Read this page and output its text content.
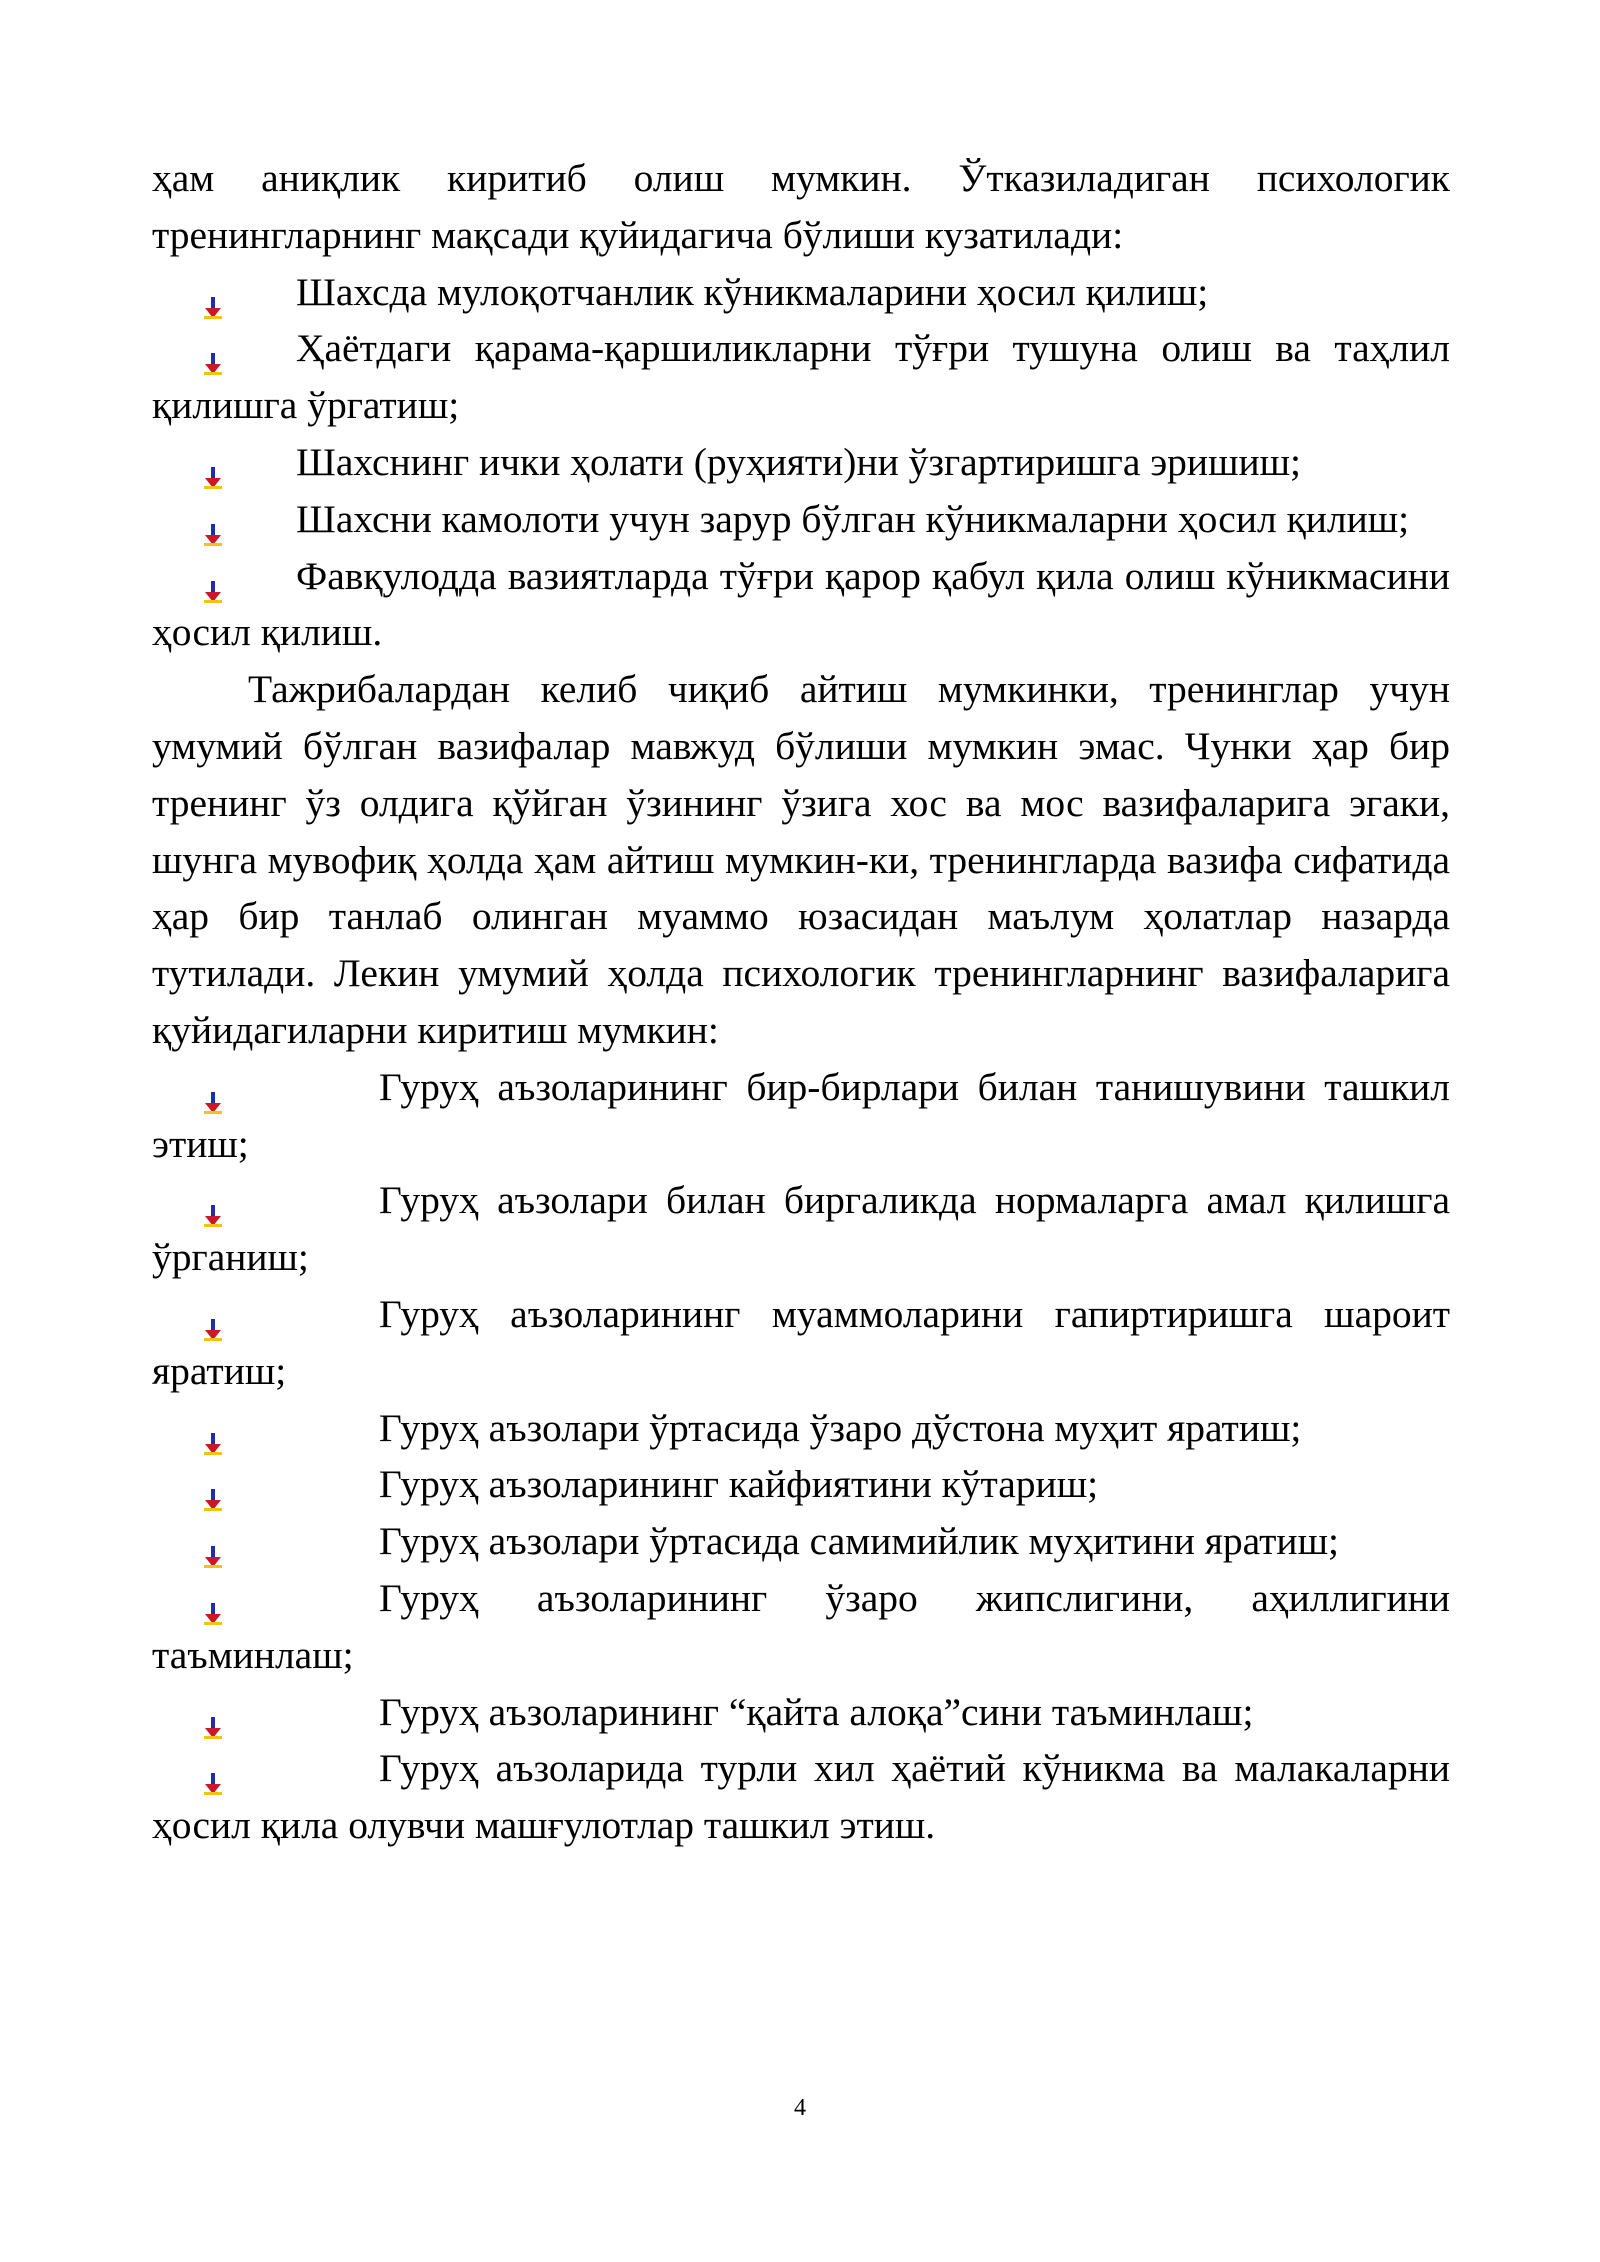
ҳам аниқлик киритиб олиш мумкин. Ўтказиладиган психологик тренингларнинг мақсади қуйидагича бўлиши кузатилади:

Шахсда мулоқотчанлик кўникмаларини ҳосил қилиш;

Ҳаётдаги қарама-қаршиликларни тўғри тушуна олиш ва таҳлил қилишга ўргатиш;

Шахснинг ички ҳолати (руҳияти)ни ўзгартиришга эришиш;

Шахсни камолоти учун зарур бўлган кўникмаларни ҳосил қилиш;

Фавқулодда вазиятларда тўғри қарор қабул қила олиш кўникмасини ҳосил қилиш.

Тажрибалардан келиб чиқиб айтиш мумкинки, тренинглар учун умумий бўлган вазифалар мавжуд бўлиши мумкин эмас. Чунки ҳар бир тренинг ўз олдига қўйган ўзининг ўзига хос ва мос вазифаларига эгаки, шунга мувофиқ ҳолда ҳам айтиш мумкин-ки, тренингларда вазифа сифатида ҳар бир танлаб олинган муаммо юзасидан маълум ҳолатлар назарда тутилади. Лекин умумий ҳолда психологик тренингларнинг вазифаларига қуйидагиларни киритиш мумкин:

Гуруҳ аъзоларининг бир-бирлари билан танишувини ташкил этиш;

Гуруҳ аъзолари билан биргаликда нормаларга амал қилишга ўрганиш;

Гуруҳ аъзоларининг муаммоларини гапиртиришга шароит яратиш;

Гуруҳ аъзолари ўртасида ўзаро дўстона муҳит яратиш;

Гуруҳ аъзоларининг кайфиятини кўтариш;

Гуруҳ аъзолари ўртасида самимийлик муҳитини яратиш;

Гуруҳ аъзоларининг ўзаро жипслигини, аҳиллигини таъминлаш;

Гуруҳ аъзоларининг “қайта алоқа”сини таъминлаш;

Гуруҳ аъзоларида турли хил ҳаётий кўникма ва малакаларни ҳосил қила олувчи машғулотлар ташкил этиш.

4
